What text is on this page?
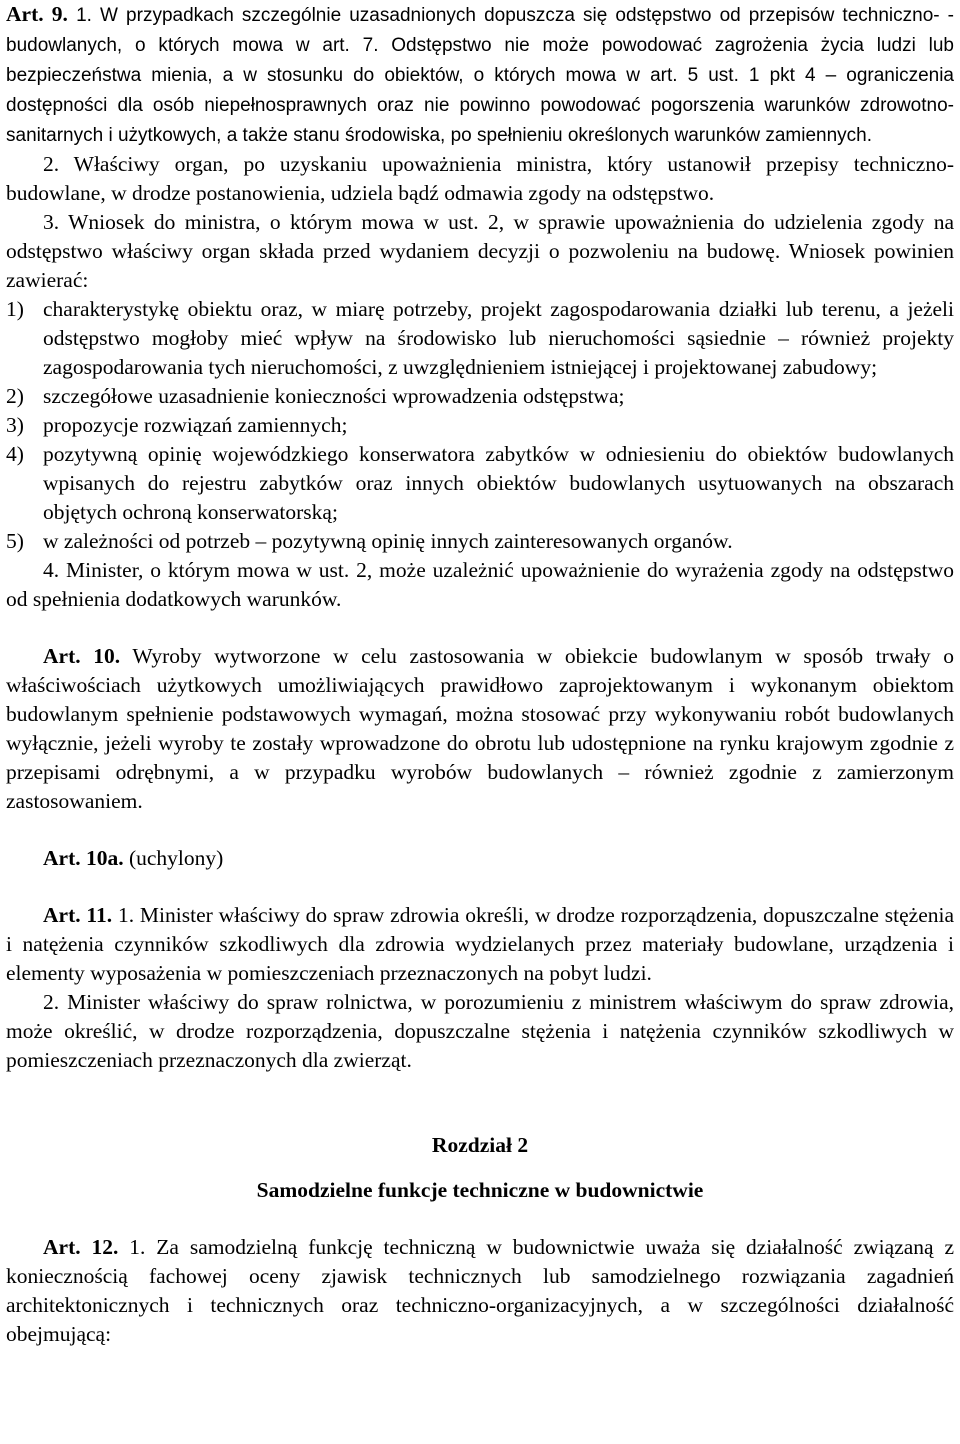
Art. 9. 1. W przypadkach szczególnie uzasadnionych dopuszcza się odstępstwo od przepisów techniczno- -budowlanych, o których mowa w art. 7. Odstępstwo nie może powodować zagrożenia życia ludzi lub bezpieczeństwa mienia, a w stosunku do obiektów, o których mowa w art. 5 ust. 1 pkt 4 – ograniczenia dostępności dla osób niepełnosprawnych oraz nie powinno powodować pogorszenia warunków zdrowotno-sanitarnych i użytkowych, a także stanu środowiska, po spełnieniu określonych warunków zamiennych.

2. Właściwy organ, po uzyskaniu upoważnienia ministra, który ustanowił przepisy techniczno-budowlane, w drodze postanowienia, udziela bądź odmawia zgody na odstępstwo.

3. Wniosek do ministra, o którym mowa w ust. 2, w sprawie upoważnienia do udzielenia zgody na odstępstwo właściwy organ składa przed wydaniem decyzji o pozwoleniu na budowę. Wniosek powinien zawierać:

1) charakterystykę obiektu oraz, w miarę potrzeby, projekt zagospodarowania działki lub terenu, a jeżeli odstępstwo mogłoby mieć wpływ na środowisko lub nieruchomości sąsiednie – również projekty zagospodarowania tych nieruchomości, z uwzględnieniem istniejącej i projektowanej zabudowy;
2) szczegółowe uzasadnienie konieczności wprowadzenia odstępstwa;
3) propozycje rozwiązań zamiennych;
4) pozytywną opinię wojewódzkiego konserwatora zabytków w odniesieniu do obiektów budowlanych wpisanych do rejestru zabytków oraz innych obiektów budowlanych usytuowanych na obszarach objętych ochroną konserwatorską;
5) w zależności od potrzeb – pozytywną opinię innych zainteresowanych organów.

4. Minister, o którym mowa w ust. 2, może uzależnić upoważnienie do wyrażenia zgody na odstępstwo od spełnienia dodatkowych warunków.

Art. 10. Wyroby wytworzone w celu zastosowania w obiekcie budowlanym w sposób trwały o właściwościach użytkowych umożliwiających prawidłowo zaprojektowanym i wykonanym obiektom budowlanym spełnienie podstawowych wymagań, można stosować przy wykonywaniu robót budowlanych wyłącznie, jeżeli wyroby te zostały wprowadzone do obrotu lub udostępnione na rynku krajowym zgodnie z przepisami odrębnymi, a w przypadku wyrobów budowlanych – również zgodnie z zamierzonym zastosowaniem.

Art. 10a. (uchylony)

Art. 11. 1. Minister właściwy do spraw zdrowia określi, w drodze rozporządzenia, dopuszczalne stężenia i natężenia czynników szkodliwych dla zdrowia wydzielanych przez materiały budowlane, urządzenia i elementy wyposażenia w pomieszczeniach przeznaczonych na pobyt ludzi.

2. Minister właściwy do spraw rolnictwa, w porozumieniu z ministrem właściwym do spraw zdrowia, może określić, w drodze rozporządzenia, dopuszczalne stężenia i natężenia czynników szkodliwych w pomieszczeniach przeznaczonych dla zwierząt.

Rozdział 2

Samodzielne funkcje techniczne w budownictwie

Art. 12. 1. Za samodzielną funkcję techniczną w budownictwie uważa się działalność związaną z koniecznością fachowej oceny zjawisk technicznych lub samodzielnego rozwiązania zagadnień architektonicznych i technicznych oraz techniczno-organizacyjnych, a w szczególności działalność obejmującą:
